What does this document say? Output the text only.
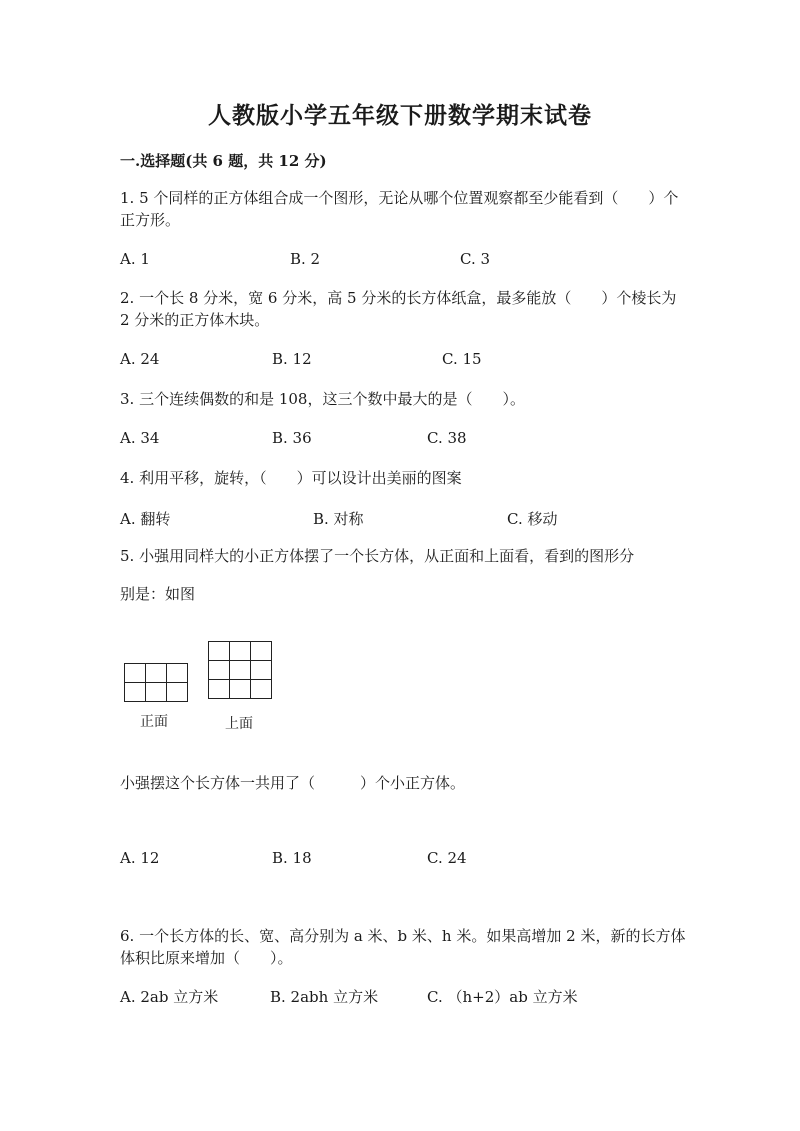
人教版小学五年级下册数学期末试卷
一.选择题(共 6 题，共 12 分)
1. 5 个同样的正方体组合成一个图形，无论从哪个位置观察都至少能看到（　　）个正方形。
A. 1	B. 2	C. 3
2. 一个长 8 分米，宽 6 分米，高 5 分米的长方体纸盒，最多能放（　　）个棱长为 2 分米的正方体木块。
A. 24	B. 12	C. 15
3. 三个连续偶数的和是 108，这三个数中最大的是（　　）。
A. 34	B. 36	C. 38
4. 利用平移，旋转，（　　）可以设计出美丽的图案
A. 翻转	B. 对称	C. 移动
5. 小强用同样大的小正方体摆了一个长方体，从正面和上面看，看到的图形分
别是：如图

正面

			上面
小强摆这个长方体一共用了（　　　）个小正方体。
A. 12	B. 18	C. 24
6. 一个长方体的长、宽、高分别为 a 米、b 米、h 米。如果高增加 2 米，新的长方体体积比原来增加（　　）。
A. 2ab 立方米	B. 2abh 立方米	C. （h+2）ab 立方米
